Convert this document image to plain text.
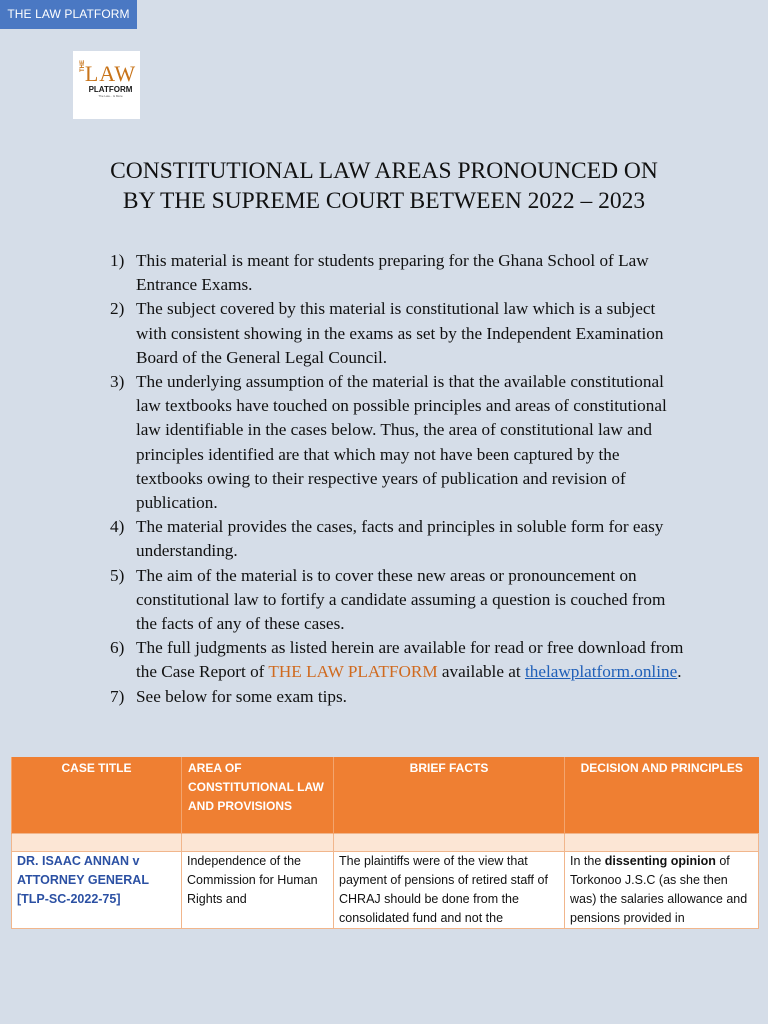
THE LAW PLATFORM
THE
LAW
PLATFORM
The Law... & More
CONSTITUTIONAL LAW AREAS PRONOUNCED ON
BY THE SUPREME COURT BETWEEN 2022 – 2023
1) This material is meant for students preparing for the Ghana School of Law Entrance Exams.
2) The subject covered by this material is constitutional law which is a subject with consistent showing in the exams as set by the Independent Examination Board of the General Legal Council.
3) The underlying assumption of the material is that the available constitutional law textbooks have touched on possible principles and areas of constitutional law identifiable in the cases below. Thus, the area of constitutional law and principles identified are that which may not have been captured by the textbooks owing to their respective years of publication and revision of publication.
4) The material provides the cases, facts and principles in soluble form for easy understanding.
5) The aim of the material is to cover these new areas or pronouncement on constitutional law to fortify a candidate assuming a question is couched from the facts of any of these cases.
6) The full judgments as listed herein are available for read or free download from the Case Report of THE LAW PLATFORM available at thelawplatform.online.
7) See below for some exam tips.
CASE TITLE	AREA OF CONSTITUTIONAL LAW AND PROVISIONS	BRIEF FACTS	DECISION AND PRINCIPLES

DR. ISAAC ANNAN v ATTORNEY GENERAL [TLP-SC-2022-75]	Independence of the Commission for Human Rights and	The plaintiffs were of the view that payment of pensions of retired staff of CHRAJ should be done from the consolidated fund and not the	In the dissenting opinion of Torkonoo J.S.C (as she then was) the salaries allowance and pensions provided in
